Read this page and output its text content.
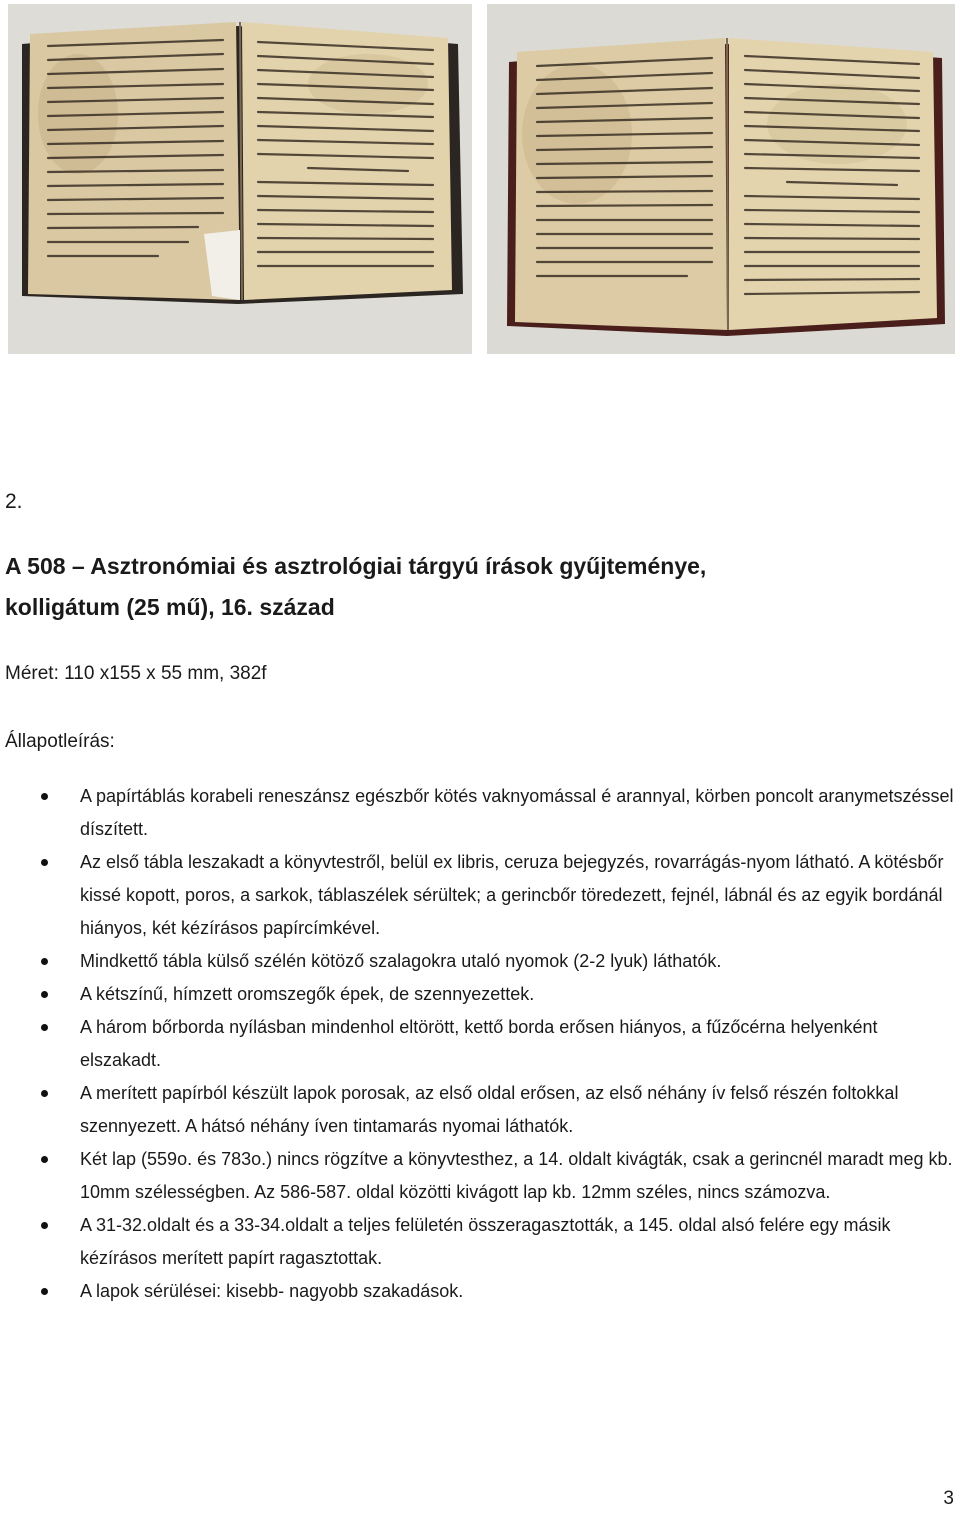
2.
A 508 – Asztronómiai és asztrológiai tárgyú írások gyűjteménye,
kolligátum (25 mű), 16. század
Méret: 110 x155 x 55 mm, 382f
Állapotleírás:
A papírtáblás korabeli reneszánsz egészbőr kötés vaknyomással é arannyal, körben poncolt aranymetszéssel díszített.
Az első tábla leszakadt a könyvtestről, belül ex libris, ceruza bejegyzés, rovarrágás-nyom látható. A kötésbőr kissé kopott, poros, a sarkok, táblaszélek sérültek; a gerincbőr töredezett, fejnél, lábnál és az egyik bordánál hiányos, két kézírásos papírcímkével.
Mindkettő tábla külső szélén kötöző szalagokra utaló nyomok (2-2 lyuk) láthatók.
A kétszínű, hímzett oromszegők épek, de szennyezettek.
A három bőrborda nyílásban mindenhol eltörött, kettő borda erősen hiányos, a fűzőcérna helyenként elszakadt.
A merített papírból készült lapok porosak, az első oldal erősen, az első néhány ív felső részén foltokkal szennyezett. A hátsó néhány íven tintamarás nyomai láthatók.
Két lap (559o. és 783o.) nincs rögzítve a könyvtesthez, a 14. oldalt kivágták, csak a gerincnél maradt meg kb. 10mm szélességben. Az 586-587. oldal közötti kivágott lap kb. 12mm széles, nincs számozva.
A 31-32.oldalt és a 33-34.oldalt a teljes felületén összeragasztották, a 145. oldal alsó felére egy másik kézírásos merített papírt ragasztottak.
A lapok sérülései: kisebb- nagyobb szakadások.
3
